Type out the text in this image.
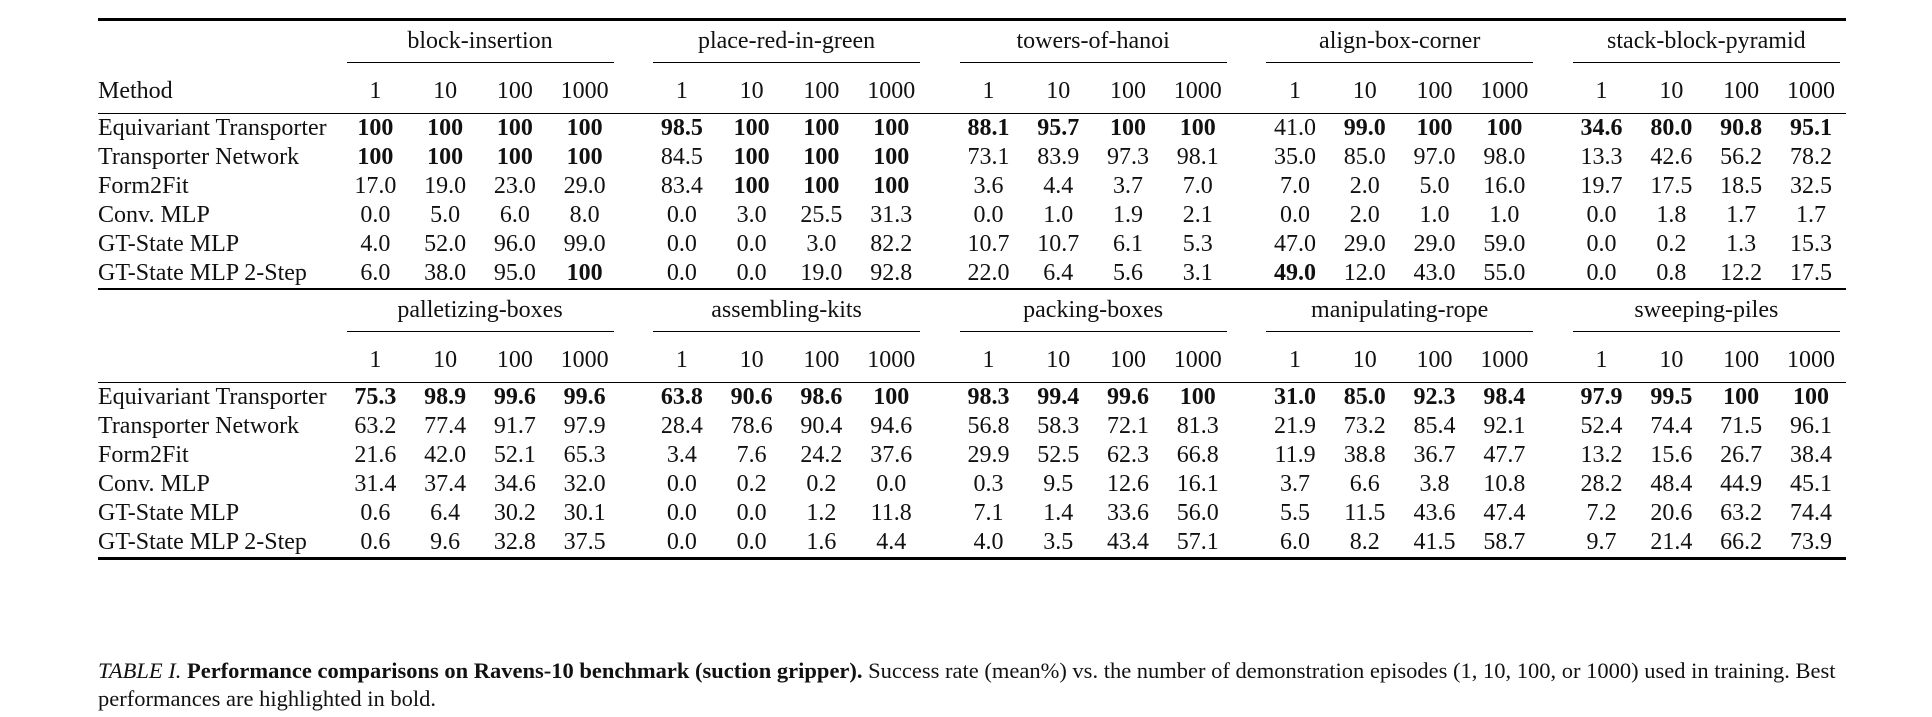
	block-insertion					place-red-in-green					towers-of-hanoi					align-box-corner					stack-block-pyramid			

Method	1	10	100	1000		1	10	100	1000		1	10	100	1000		1	10	100	1000		1	10	100	1000
Equivariant Transporter	100	100	100	100		98.5	100	100	100		88.1	95.7	100	100		41.0	99.0	100	100		34.6	80.0	90.8	95.1
Transporter Network	100	100	100	100		84.5	100	100	100		73.1	83.9	97.3	98.1		35.0	85.0	97.0	98.0		13.3	42.6	56.2	78.2
Form2Fit	17.0	19.0	23.0	29.0		83.4	100	100	100		3.6	4.4	3.7	7.0		7.0	2.0	5.0	16.0		19.7	17.5	18.5	32.5
Conv. MLP	0.0	5.0	6.0	8.0		0.0	3.0	25.5	31.3		0.0	1.0	1.9	2.1		0.0	2.0	1.0	1.0		0.0	1.8	1.7	1.7
GT-State MLP	4.0	52.0	96.0	99.0		0.0	0.0	3.0	82.2		10.7	10.7	6.1	5.3		47.0	29.0	29.0	59.0		0.0	0.2	1.3	15.3
GT-State MLP 2-Step	6.0	38.0	95.0	100		0.0	0.0	19.0	92.8		22.0	6.4	5.6	3.1		49.0	12.0	43.0	55.0		0.0	0.8	12.2	17.5

	palletizing-boxes					assembling-kits					packing-boxes					manipulating-rope					sweeping-piles			

	1	10	100	1000		1	10	100	1000		1	10	100	1000		1	10	100	1000		1	10	100	1000
Equivariant Transporter	75.3	98.9	99.6	99.6		63.8	90.6	98.6	100		98.3	99.4	99.6	100		31.0	85.0	92.3	98.4		97.9	99.5	100	100
Transporter Network	63.2	77.4	91.7	97.9		28.4	78.6	90.4	94.6		56.8	58.3	72.1	81.3		21.9	73.2	85.4	92.1		52.4	74.4	71.5	96.1
Form2Fit	21.6	42.0	52.1	65.3		3.4	7.6	24.2	37.6		29.9	52.5	62.3	66.8		11.9	38.8	36.7	47.7		13.2	15.6	26.7	38.4
Conv. MLP	31.4	37.4	34.6	32.0		0.0	0.2	0.2	0.0		0.3	9.5	12.6	16.1		3.7	6.6	3.8	10.8		28.2	48.4	44.9	45.1
GT-State MLP	0.6	6.4	30.2	30.1		0.0	0.0	1.2	11.8		7.1	1.4	33.6	56.0		5.5	11.5	43.6	47.4		7.2	20.6	63.2	74.4
GT-State MLP 2-Step	0.6	9.6	32.8	37.5		0.0	0.0	1.6	4.4		4.0	3.5	43.4	57.1		6.0	8.2	41.5	58.7		9.7	21.4	66.2	73.9
TABLE I. Performance comparisons on Ravens-10 benchmark (suction gripper). Success rate (mean%) vs. the number of demonstration episodes (1, 10, 100, or 1000) used in training. Best performances are highlighted in bold.
